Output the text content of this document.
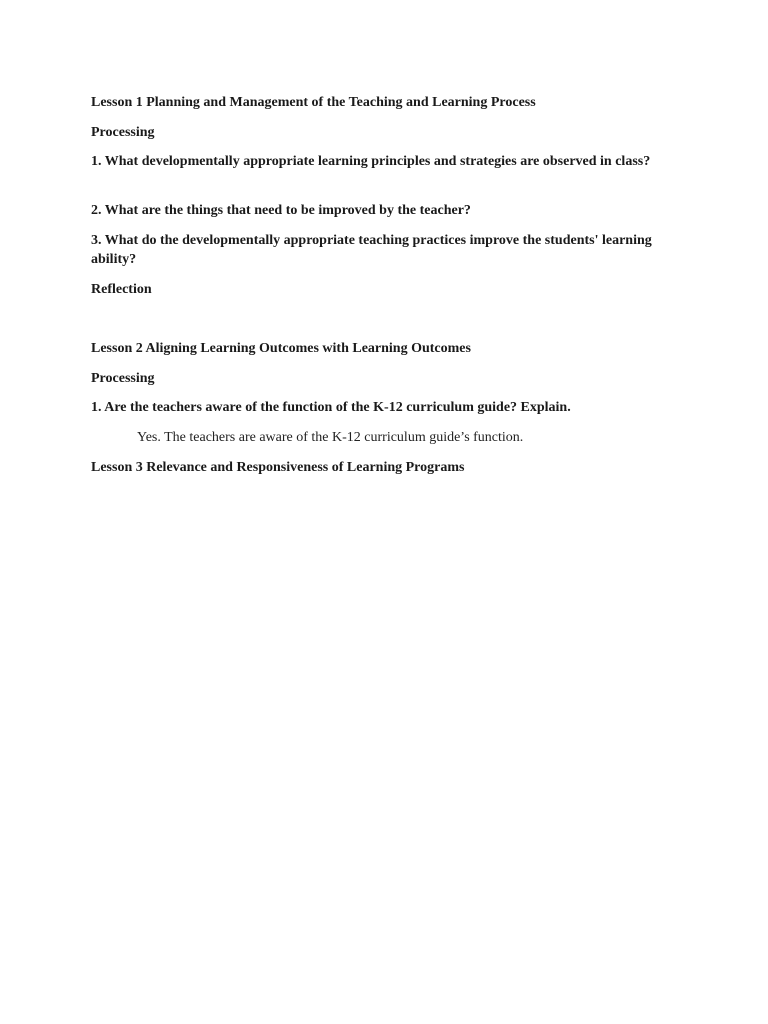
Lesson 1 Planning and Management of the Teaching and Learning Process

Processing

1. What developmentally appropriate learning principles and strategies are observed in class?

2. What are the things that need to be improved by the teacher?

3. What do the developmentally appropriate teaching practices improve the students' learning ability?

Reflection

Lesson 2 Aligning Learning Outcomes with Learning Outcomes

Processing

1. Are the teachers aware of the function of the K-12 curriculum guide? Explain.

Yes. The teachers are aware of the K-12 curriculum guide’s function.

Lesson 3 Relevance and Responsiveness of Learning Programs
